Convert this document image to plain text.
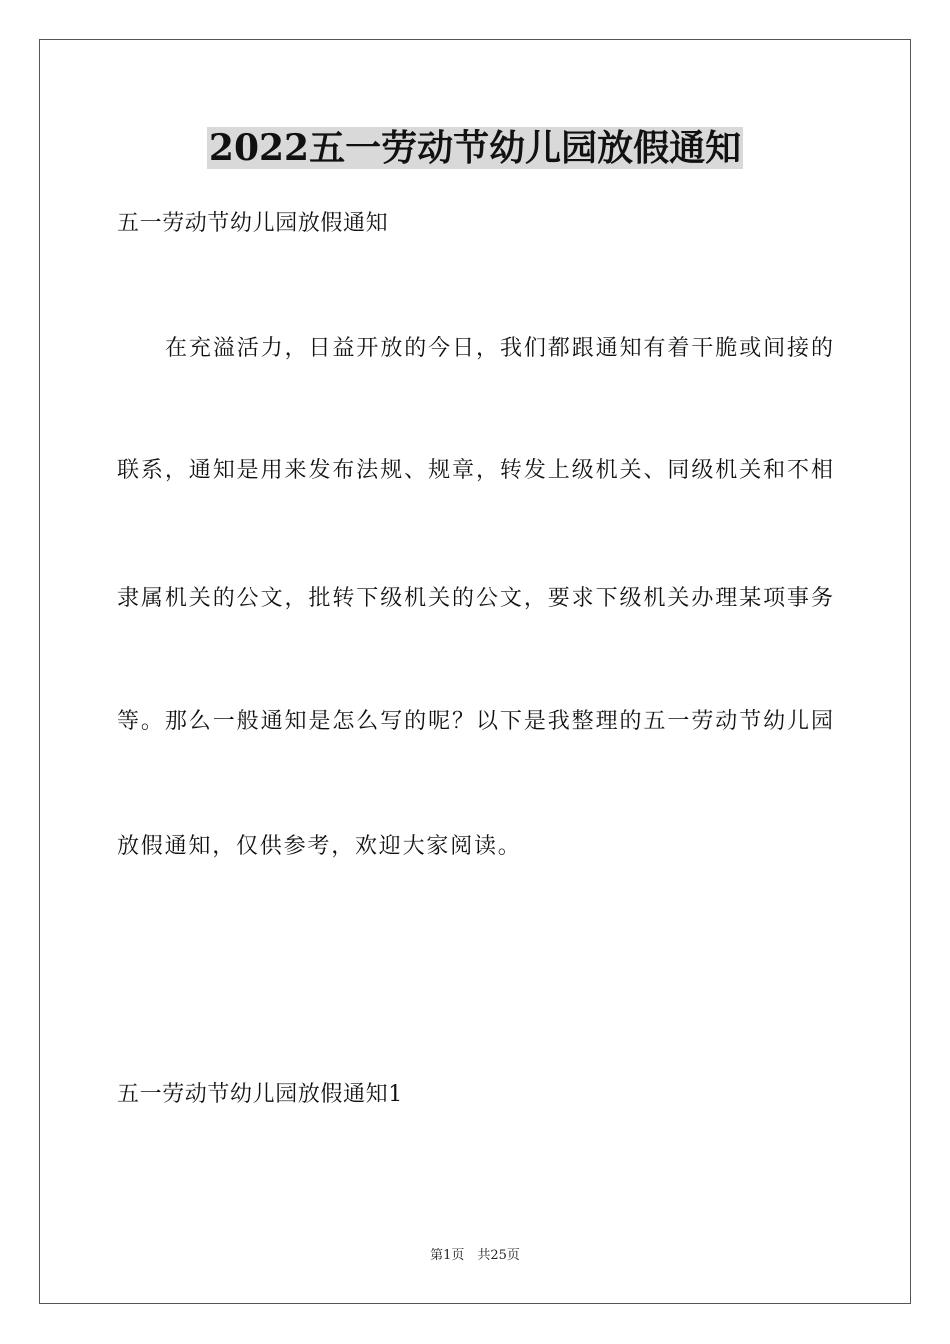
2022五一劳动节幼儿园放假通知
五一劳动节幼儿园放假通知
在充溢活力，日益开放的今日，我们都跟通知有着干脆或间接的
联系，通知是用来发布法规、规章，转发上级机关、同级机关和不相
隶属机关的公文，批转下级机关的公文，要求下级机关办理某项事务
等。那么一般通知是怎么写的呢？以下是我整理的五一劳动节幼儿园
放假通知，仅供参考，欢迎大家阅读。
五一劳动节幼儿园放假通知1
第1页　共25页
